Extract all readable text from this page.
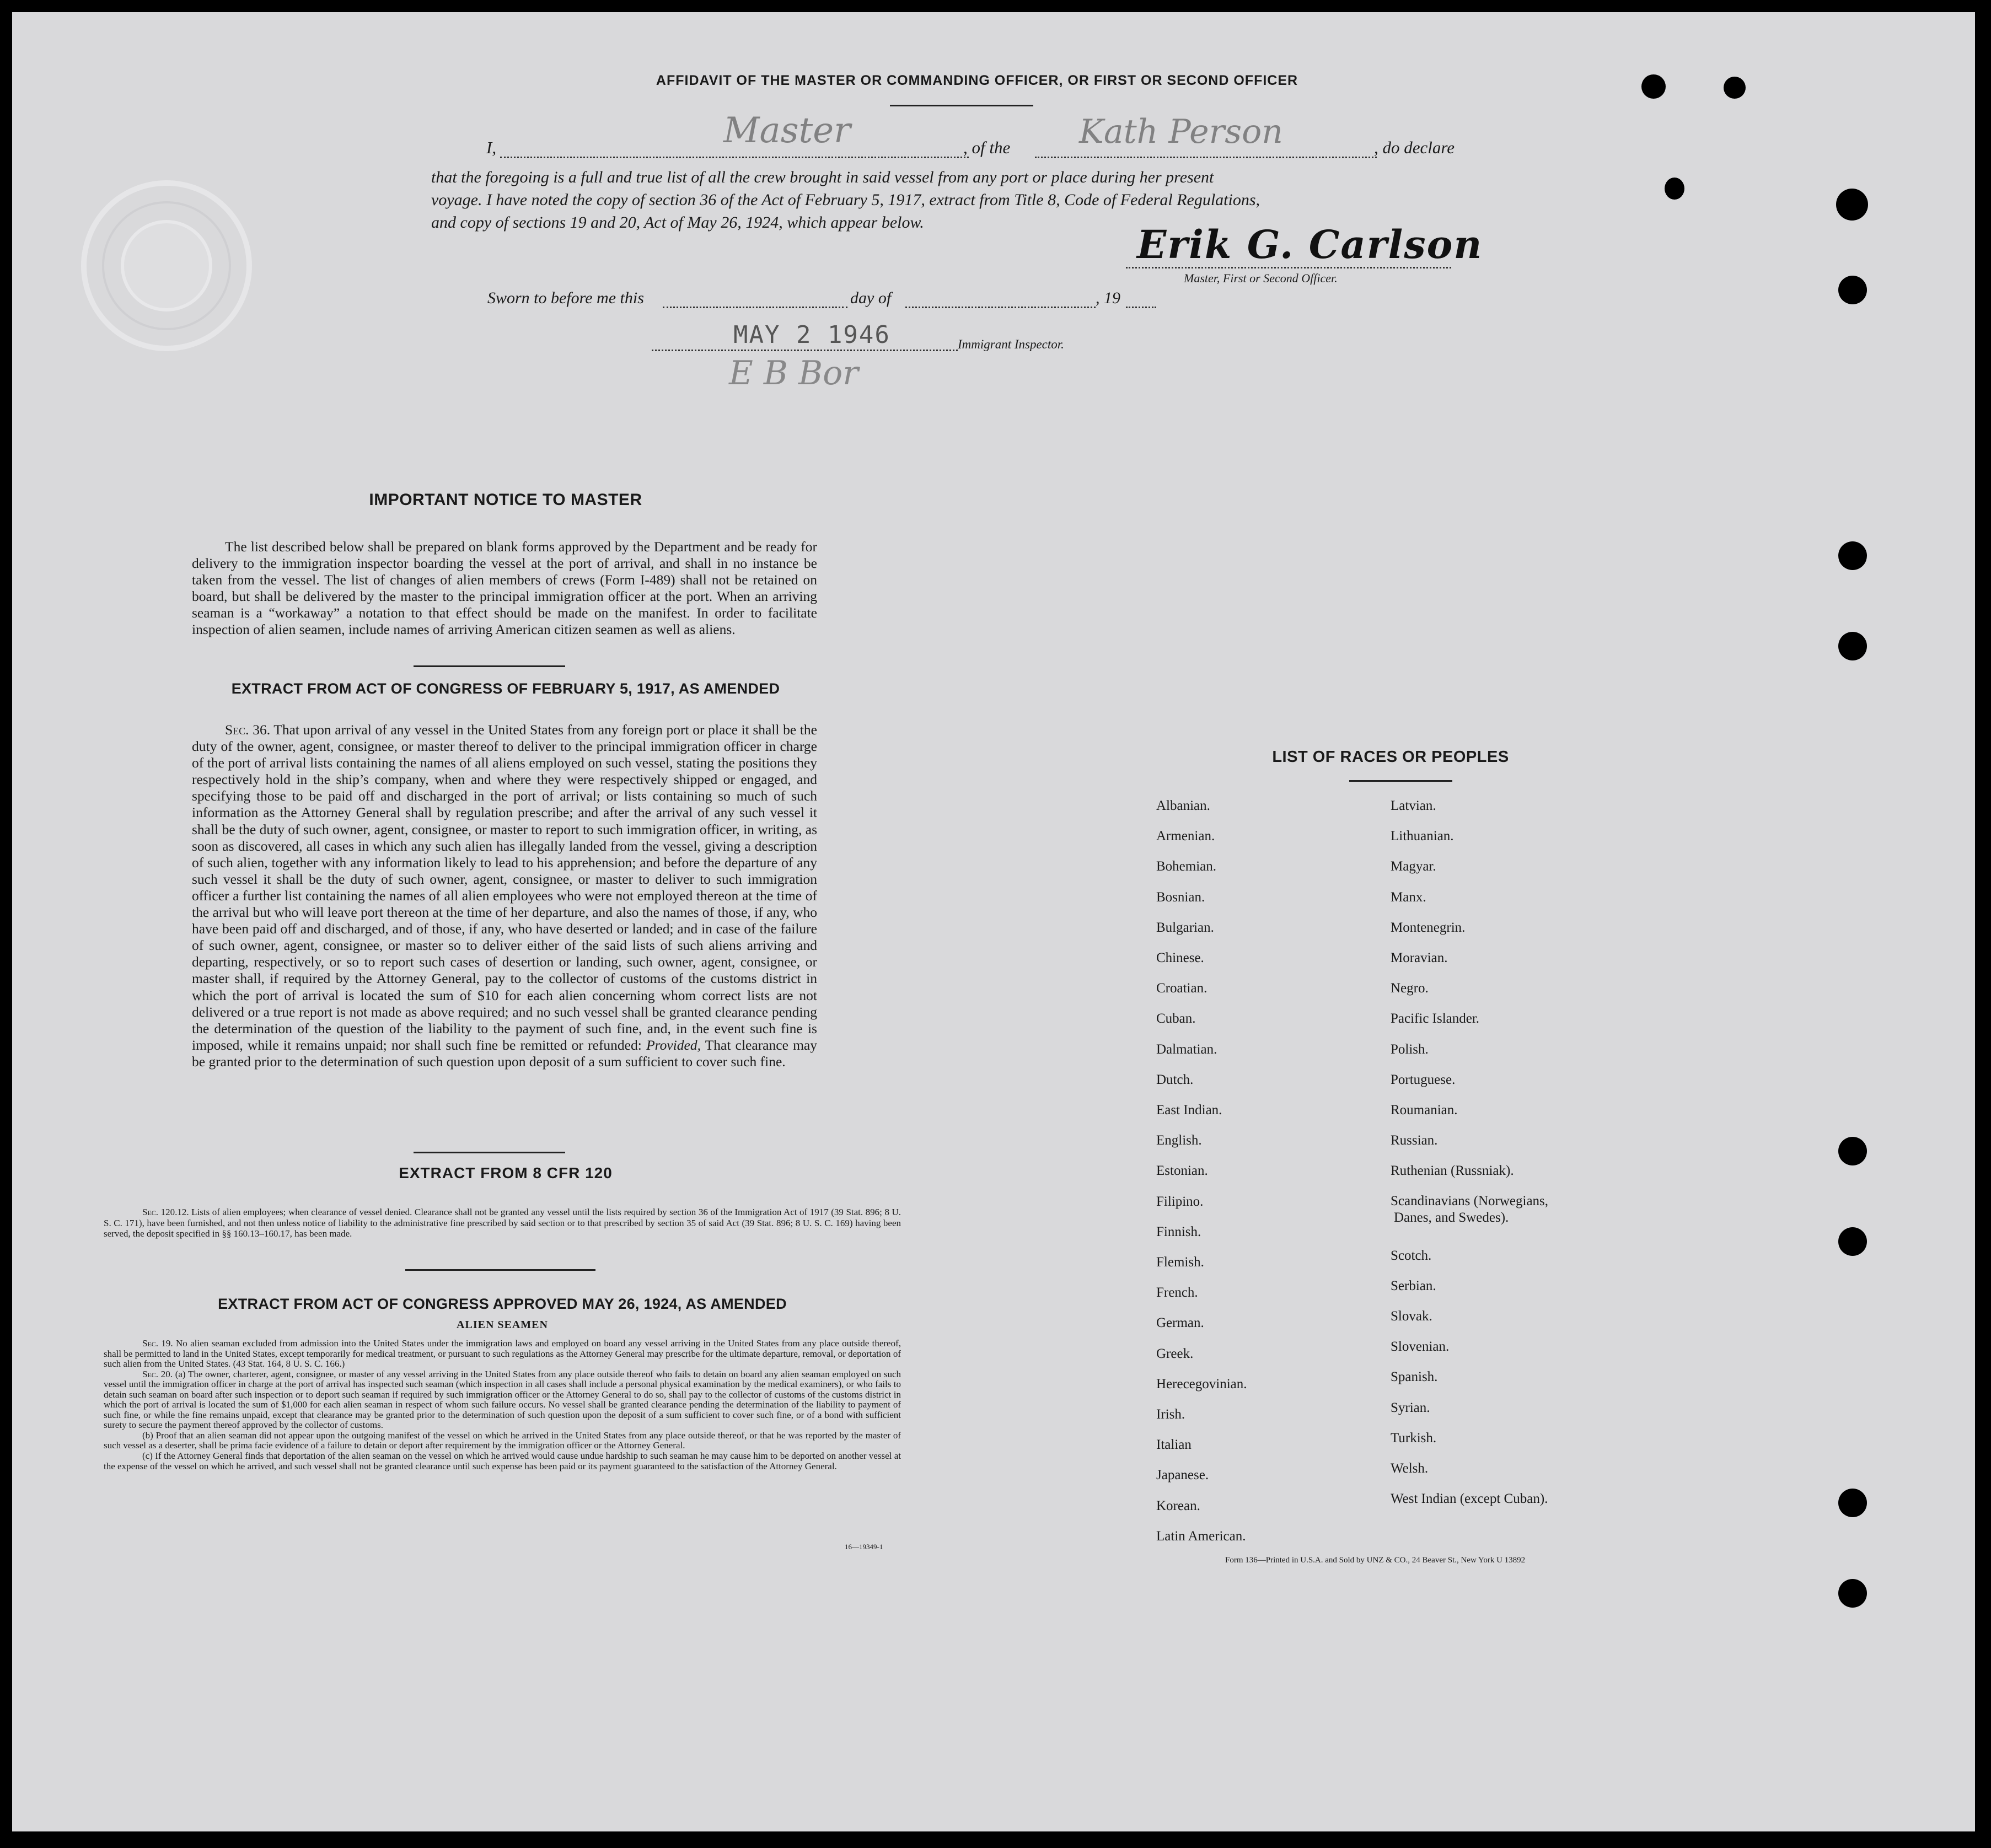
AFFIDAVIT OF THE MASTER OR COMMANDING OFFICER, OR FIRST OR SECOND OFFICER
I,	Master	, of the Kath Person	, do declare
that the foregoing is a full and true list of all the crew brought in said vessel from any port or place during her present
voyage. I have noted the copy of section 36 of the Act of February 5, 1917, extract from Title 8, Code of Federal Regulations,
and copy of sections 19 and 20, Act of May 26, 1924, which appear below.	Erik G. Carlson
Master, First or Second Officer.
Sworn to before me this	day of	, 19
MAY 2 1946	Immigrant Inspector.
E B Bor
IMPORTANT NOTICE TO MASTER
The list described below shall be prepared on blank forms approved by the Department and be ready for delivery to the immigration inspector boarding the vessel at the port of arrival, and shall in no instance be taken from the vessel. The list of changes of alien members of crews (Form I-489) shall not be retained on board, but shall be delivered by the master to the principal immigration officer at the port. When an arriving seaman is a “workaway” a notation to that effect should be made on the manifest. In order to facilitate inspection of alien seamen, include names of arriving American citizen seamen as well as aliens.
EXTRACT FROM ACT OF CONGRESS OF FEBRUARY 5, 1917, AS AMENDED
Sec. 36. That upon arrival of any vessel in the United States from any foreign port or place it shall be the duty of the owner, agent, consignee, or master thereof to deliver to the principal immigration officer in charge of the port of arrival lists containing the names of all aliens employed on such vessel, stating the positions they respectively hold in the ship’s company, when and where they were respectively shipped or engaged, and specifying those to be paid off and discharged in the port of arrival; or lists containing so much of such information as the Attorney General shall by regulation prescribe; and after the arrival of any such vessel it shall be the duty of such owner, agent, consignee, or master to report to such immigration officer, in writing, as soon as discovered, all cases in which any such alien has illegally landed from the vessel, giving a description of such alien, together with any information likely to lead to his apprehension; and before the departure of any such vessel it shall be the duty of such owner, agent, consignee, or master to deliver to such immigration officer a further list containing the names of all alien employees who were not employed thereon at the time of the arrival but who will leave port thereon at the time of her departure, and also the names of those, if any, who have been paid off and discharged, and of those, if any, who have deserted or landed; and in case of the failure of such owner, agent, consignee, or master so to deliver either of the said lists of such aliens arriving and departing, respectively, or so to report such cases of desertion or landing, such owner, agent, consignee, or master shall, if required by the Attorney General, pay to the collector of customs of the customs district in which the port of arrival is located the sum of $10 for each alien concerning whom correct lists are not delivered or a true report is not made as above required; and no such vessel shall be granted clearance pending the determination of the question of the liability to the payment of such fine, and, in the event such fine is imposed, while it remains unpaid; nor shall such fine be remitted or refunded: Provided, That clearance may be granted prior to the determination of such question upon deposit of a sum sufficient to cover such fine.
EXTRACT FROM 8 CFR 120
Sec. 120.12. Lists of alien employees; when clearance of vessel denied. Clearance shall not be granted any vessel until the lists required by section 36 of the Immigration Act of 1917 (39 Stat. 896; 8 U. S. C. 171), have been furnished, and not then unless notice of liability to the administrative fine prescribed by said section or to that prescribed by section 35 of said Act (39 Stat. 896; 8 U. S. C. 169) having been served, the deposit specified in §§ 160.13–160.17, has been made.
EXTRACT FROM ACT OF CONGRESS APPROVED MAY 26, 1924, AS AMENDED
ALIEN SEAMEN
Sec. 19. No alien seaman excluded from admission into the United States under the immigration laws and employed on board any vessel arriving in the United States from any place outside thereof, shall be permitted to land in the United States, except temporarily for medical treatment, or pursuant to such regulations as the Attorney General may prescribe for the ultimate departure, removal, or deportation of such alien from the United States. (43 Stat. 164, 8 U. S. C. 166.)
Sec. 20. (a) The owner, charterer, agent, consignee, or master of any vessel arriving in the United States from any place outside thereof who fails to detain on board any alien seaman employed on such vessel until the immigration officer in charge at the port of arrival has inspected such seaman (which inspection in all cases shall include a personal physical examination by the medical examiners), or who fails to detain such seaman on board after such inspection or to deport such seaman if required by such immigration officer or the Attorney General to do so, shall pay to the collector of customs of the customs district in which the port of arrival is located the sum of $1,000 for each alien seaman in respect of whom such failure occurs. No vessel shall be granted clearance pending the determination of the liability to payment of such fine, or while the fine remains unpaid, except that clearance may be granted prior to the determination of such question upon the deposit of a sum sufficient to cover such fine, or of a bond with sufficient surety to secure the payment thereof approved by the collector of customs.
(b) Proof that an alien seaman did not appear upon the outgoing manifest of the vessel on which he arrived in the United States from any place outside thereof, or that he was reported by the master of such vessel as a deserter, shall be prima facie evidence of a failure to detain or deport after requirement by the immigration officer or the Attorney General.
(c) If the Attorney General finds that deportation of the alien seaman on the vessel on which he arrived would cause undue hardship to such seaman he may cause him to be deported on another vessel at the expense of the vessel on which he arrived, and such vessel shall not be granted clearance until such expense has been paid or its payment guaranteed to the satisfaction of the Attorney General.
16—19349-1
LIST OF RACES OR PEOPLES
Albanian.
Armenian.
Bohemian.
Bosnian.
Bulgarian.
Chinese.
Croatian.
Cuban.
Dalmatian.
Dutch.
East Indian.
English.
Estonian.
Filipino.
Finnish.
Flemish.
French.
German.
Greek.
Herecegovinian.
Irish.
Italian
Japanese.
Korean.
Latin American.
Latvian.
Lithuanian.
Magyar.
Manx.
Montenegrin.
Moravian.
Negro.
Pacific Islander.
Polish.
Portuguese.
Roumanian.
Russian.
Ruthenian (Russniak).
Scandinavians (Norwegians,
Danes, and Swedes).
Scotch.
Serbian.
Slovak.
Slovenian.
Spanish.
Syrian.
Turkish.
Welsh.
West Indian (except Cuban).
Form 136—Printed in U.S.A. and Sold by UNZ & CO., 24 Beaver St., New York U 13892
